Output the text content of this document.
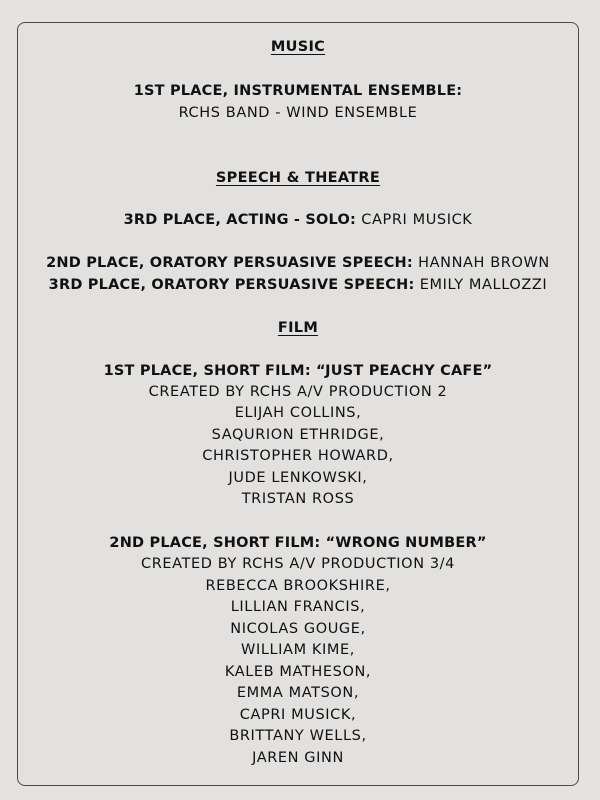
MUSIC
1ST PLACE, INSTRUMENTAL ENSEMBLE:
RCHS BAND - WIND ENSEMBLE
SPEECH & THEATRE
3RD PLACE, ACTING - SOLO: CAPRI MUSICK
2ND PLACE, ORATORY PERSUASIVE SPEECH: HANNAH BROWN
3RD PLACE, ORATORY PERSUASIVE SPEECH: EMILY MALLOZZI
FILM
1ST PLACE, SHORT FILM: “JUST PEACHY CAFE”
CREATED BY RCHS A/V PRODUCTION 2
ELIJAH COLLINS,
SAQURION ETHRIDGE,
CHRISTOPHER HOWARD,
JUDE LENKOWSKI,
TRISTAN ROSS
2ND PLACE, SHORT FILM: “WRONG NUMBER”
CREATED BY RCHS A/V PRODUCTION 3/4
REBECCA BROOKSHIRE,
LILLIAN FRANCIS,
NICOLAS GOUGE,
WILLIAM KIME,
KALEB MATHESON,
EMMA MATSON,
CAPRI MUSICK,
BRITTANY WELLS,
JAREN GINN
